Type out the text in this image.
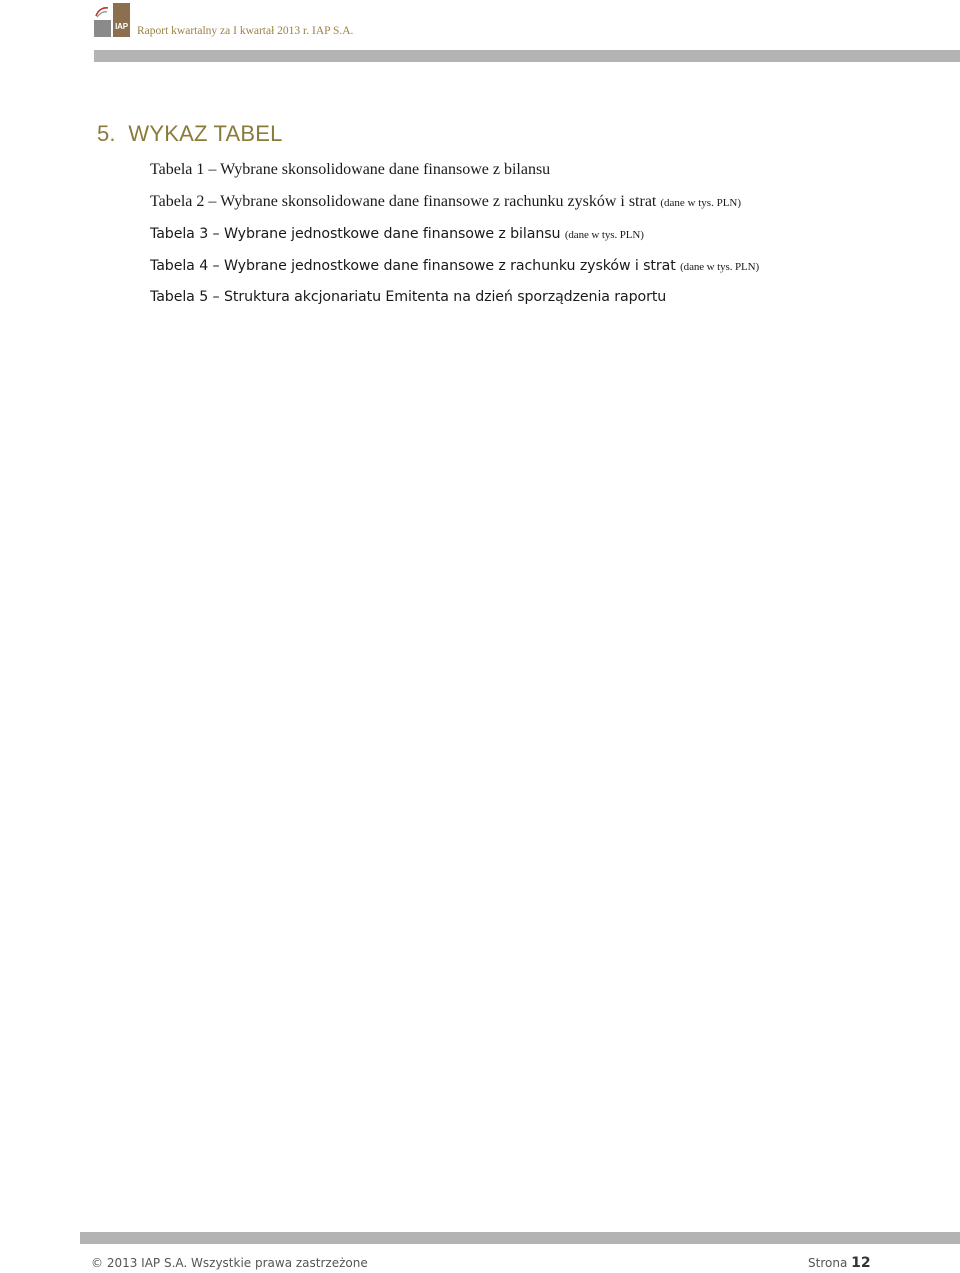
IAP Raport kwartalny za I kwartał 2013 r. IAP S.A.
5. WYKAZ TABEL
Tabela 1 – Wybrane skonsolidowane dane finansowe z bilansu
Tabela 2 – Wybrane skonsolidowane dane finansowe z rachunku zysków i strat (dane w tys. PLN)
Tabela 3 – Wybrane jednostkowe dane finansowe z bilansu (dane w tys. PLN)
Tabela 4 – Wybrane jednostkowe dane finansowe z rachunku zysków i strat (dane w tys. PLN)
Tabela 5 – Struktura akcjonariatu Emitenta na dzień sporządzenia raportu
© 2013 IAP S.A. Wszystkie prawa zastrzeżone	Strona 12
